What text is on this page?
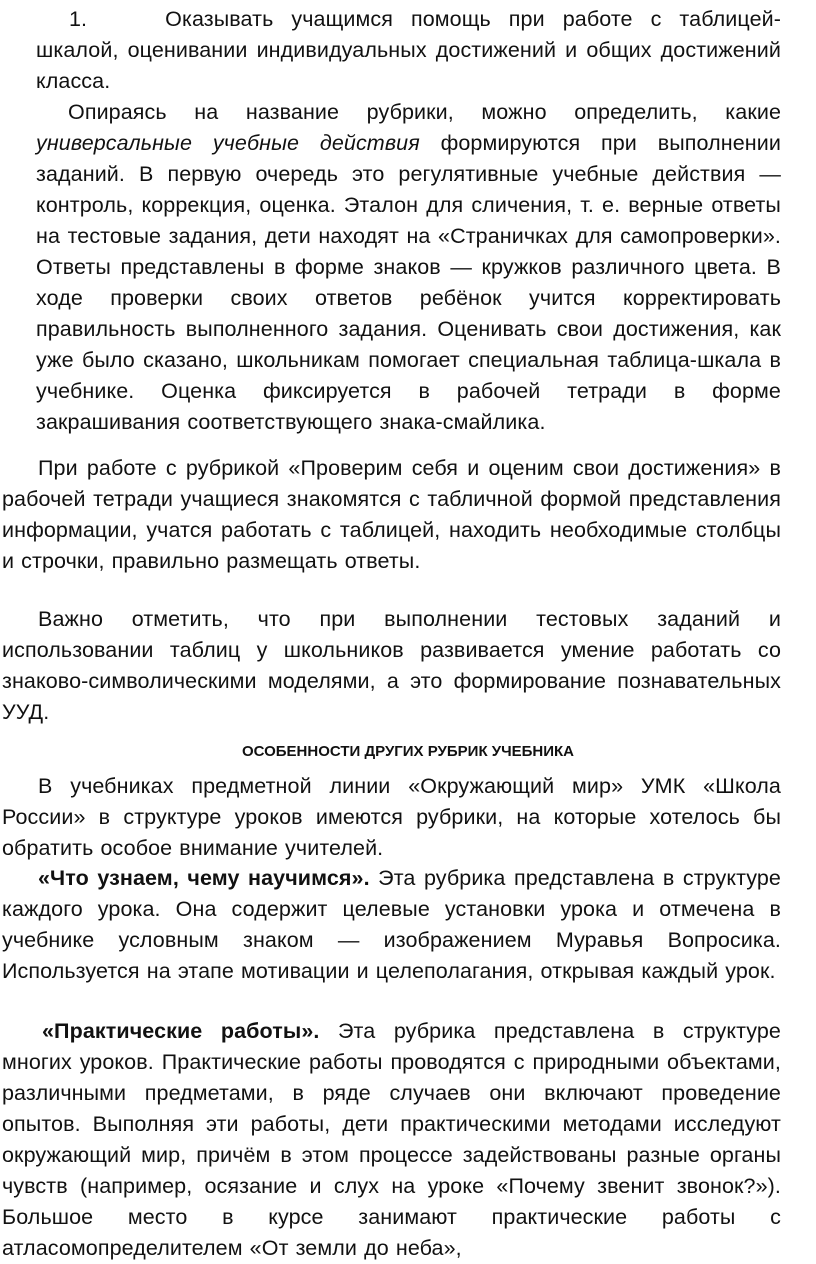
1.	Оказывать учащимся помощь при работе с таблицей-шкалой, оценивании индивидуальных достижений и общих достижений класса.

Опираясь на название рубрики, можно определить, какие универсальные учебные действия формируются при выполнении заданий. В первую очередь это регулятивные учебные действия — контроль, коррекция, оценка. Эталон для сличения, т. е. верные ответы на тестовые задания, дети находят на «Страничках для самопроверки». Ответы представлены в форме знаков — кружков различного цвета. В ходе проверки своих ответов ребёнок учится корректировать правильность выполненного задания. Оценивать свои достижения, как уже было сказано, школьникам помогает специальная таблица-шкала в учебнике. Оценка фиксируется в рабочей тетради в форме закрашивания соответствующего знака-смайлика.

При работе с рубрикой «Проверим себя и оценим свои достижения» в рабочей тетради учащиеся знакомятся с табличной формой представления информации, учатся работать с таблицей, находить необходимые столбцы и строчки, правильно размещать ответы.

Важно отметить, что при выполнении тестовых заданий и использовании таблиц у школьников развивается умение работать со знаково-символическими моделями, а это формирование познавательных УУД.

ОСОБЕННОСТИ ДРУГИХ РУБРИК УЧЕБНИКА

В учебниках предметной линии «Окружающий мир» УМК «Школа России» в структуре уроков имеются рубрики, на которые хотелось бы обратить особое внимание учителей.

«Что узнаем, чему научимся». Эта рубрика представлена в структуре каждого урока. Она содержит целевые установки урока и отмечена в учебнике условным знаком — изображением Муравья Вопросика. Используется на этапе мотивации и целеполагания, открывая каждый урок.

«Практические работы». Эта рубрика представлена в структуре многих уроков. Практические работы проводятся с природными объектами, различными предметами, в ряде случаев они включают проведение опытов. Выполняя эти работы, дети практическими методами исследуют окружающий мир, причём в этом процессе задействованы разные органы чувств (например, осязание и слух на уроке «Почему звенит звонок?»). Большое место в курсе занимают практические работы с атласомопределителем «От земли до неба»,
